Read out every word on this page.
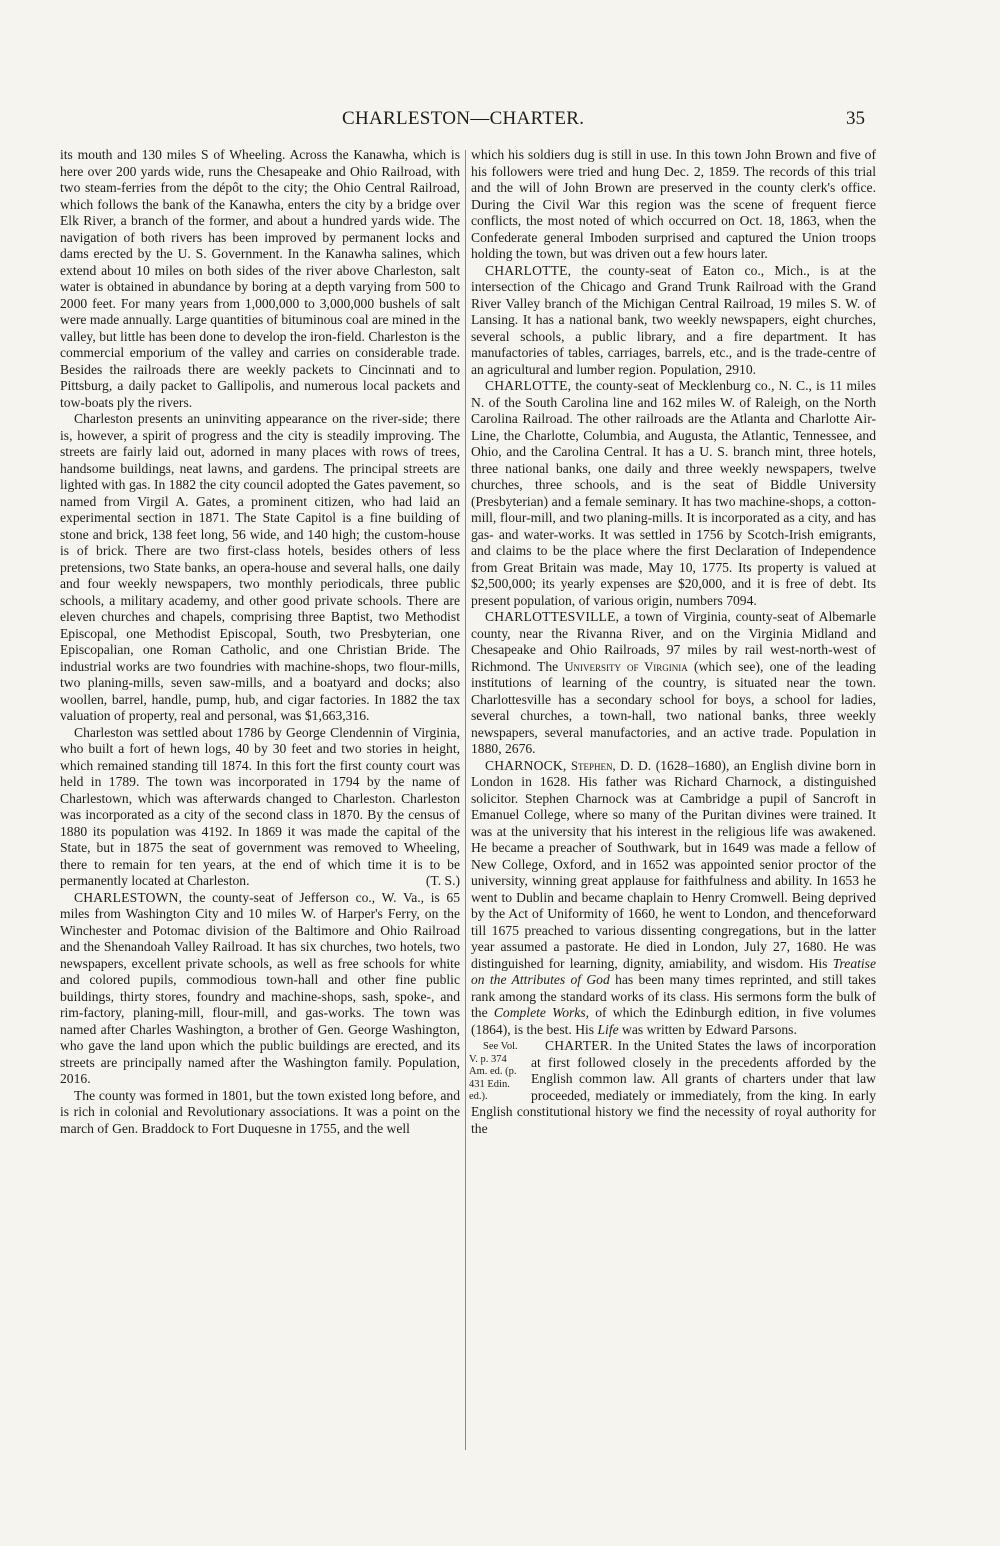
CHARLESTON—CHARTER.	35

its mouth and 130 miles S of Wheeling. Across the Kanawha, which is here over 200 yards wide, runs the Chesapeake and Ohio Railroad, with two steam-ferries from the dépôt to the city; the Ohio Central Railroad, which follows the bank of the Kanawha, enters the city by a bridge over Elk River, a branch of the former, and about a hundred yards wide. The navigation of both rivers has been improved by permanent locks and dams erected by the U. S. Government. In the Kanawha salines, which extend about 10 miles on both sides of the river above Charleston, salt water is obtained in abundance by boring at a depth varying from 500 to 2000 feet. For many years from 1,000,000 to 3,000,000 bushels of salt were made annually. Large quantities of bituminous coal are mined in the valley, but little has been done to develop the iron-field. Charleston is the commercial emporium of the valley and carries on considerable trade. Besides the railroads there are weekly packets to Cincinnati and to Pittsburg, a daily packet to Gallipolis, and numerous local packets and tow-boats ply the rivers.

Charleston presents an uninviting appearance on the river-side; there is, however, a spirit of progress and the city is steadily improving. The streets are fairly laid out, adorned in many places with rows of trees, handsome buildings, neat lawns, and gardens. The principal streets are lighted with gas. In 1882 the city council adopted the Gates pavement, so named from Virgil A. Gates, a prominent citizen, who had laid an experimental section in 1871. The State Capitol is a fine building of stone and brick, 138 feet long, 56 wide, and 140 high; the custom-house is of brick. There are two first-class hotels, besides others of less pretensions, two State banks, an opera-house and several halls, one daily and four weekly newspapers, two monthly periodicals, three public schools, a military academy, and other good private schools. There are eleven churches and chapels, comprising three Baptist, two Methodist Episcopal, one Methodist Episcopal, South, two Presbyterian, one Episcopalian, one Roman Catholic, and one Christian Bride. The industrial works are two foundries with machine-shops, two flour-mills, two planing-mills, seven saw-mills, and a boatyard and docks; also woollen, barrel, handle, pump, hub, and cigar factories. In 1882 the tax valuation of property, real and personal, was $1,663,316.

Charleston was settled about 1786 by George Clendennin of Virginia, who built a fort of hewn logs, 40 by 30 feet and two stories in height, which remained standing till 1874. In this fort the first county court was held in 1789. The town was incorporated in 1794 by the name of Charlestown, which was afterwards changed to Charleston. Charleston was incorporated as a city of the second class in 1870. By the census of 1880 its population was 4192. In 1869 it was made the capital of the State, but in 1875 the seat of government was removed to Wheeling, there to remain for ten years, at the end of which time it is to be permanently located at Charleston.	(T. S.)

CHARLESTOWN, the county-seat of Jefferson co., W. Va., is 65 miles from Washington City and 10 miles W. of Harper's Ferry, on the Winchester and Potomac division of the Baltimore and Ohio Railroad and the Shenandoah Valley Railroad. It has six churches, two hotels, two newspapers, excellent private schools, as well as free schools for white and colored pupils, commodious town-hall and other fine public buildings, thirty stores, foundry and machine-shops, sash, spoke-, and rim-factory, planing-mill, flour-mill, and gas-works. The town was named after Charles Washington, a brother of Gen. George Washington, who gave the land upon which the public buildings are erected, and its streets are principally named after the Washington family. Population, 2016.

The county was formed in 1801, but the town existed long before, and is rich in colonial and Revolutionary associations. It was a point on the march of Gen. Braddock to Fort Duquesne in 1755, and the well

which his soldiers dug is still in use. In this town John Brown and five of his followers were tried and hung Dec. 2, 1859. The records of this trial and the will of John Brown are preserved in the county clerk's office. During the Civil War this region was the scene of frequent fierce conflicts, the most noted of which occurred on Oct. 18, 1863, when the Confederate general Imboden surprised and captured the Union troops holding the town, but was driven out a few hours later.

CHARLOTTE, the county-seat of Eaton co., Mich., is at the intersection of the Chicago and Grand Trunk Railroad with the Grand River Valley branch of the Michigan Central Railroad, 19 miles S. W. of Lansing. It has a national bank, two weekly newspapers, eight churches, several schools, a public library, and a fire department. It has manufactories of tables, carriages, barrels, etc., and is the trade-centre of an agricultural and lumber region. Population, 2910.

CHARLOTTE, the county-seat of Mecklenburg co., N. C., is 11 miles N. of the South Carolina line and 162 miles W. of Raleigh, on the North Carolina Railroad. The other railroads are the Atlanta and Charlotte Air-Line, the Charlotte, Columbia, and Augusta, the Atlantic, Tennessee, and Ohio, and the Carolina Central. It has a U. S. branch mint, three hotels, three national banks, one daily and three weekly newspapers, twelve churches, three schools, and is the seat of Biddle University (Presbyterian) and a female seminary. It has two machine-shops, a cotton-mill, flour-mill, and two planing-mills. It is incorporated as a city, and has gas- and water-works. It was settled in 1756 by Scotch-Irish emigrants, and claims to be the place where the first Declaration of Independence from Great Britain was made, May 10, 1775. Its property is valued at $2,500,000; its yearly expenses are $20,000, and it is free of debt. Its present population, of various origin, numbers 7094.

CHARLOTTESVILLE, a town of Virginia, county-seat of Albemarle county, near the Rivanna River, and on the Virginia Midland and Chesapeake and Ohio Railroads, 97 miles by rail west-north-west of Richmond. The University of Virginia (which see), one of the leading institutions of learning of the country, is situated near the town. Charlottesville has a secondary school for boys, a school for ladies, several churches, a town-hall, two national banks, three weekly newspapers, several manufactories, and an active trade. Population in 1880, 2676.

CHARNOCK, Stephen, D. D. (1628–1680), an English divine born in London in 1628. His father was Richard Charnock, a distinguished solicitor. Stephen Charnock was at Cambridge a pupil of Sancroft in Emanuel College, where so many of the Puritan divines were trained. It was at the university that his interest in the religious life was awakened. He became a preacher of Southwark, but in 1649 was made a fellow of New College, Oxford, and in 1652 was appointed senior proctor of the university, winning great applause for faithfulness and ability. In 1653 he went to Dublin and became chaplain to Henry Cromwell. Being deprived by the Act of Uniformity of 1660, he went to London, and thenceforward till 1675 preached to various dissenting congregations, but in the latter year assumed a pastorate. He died in London, July 27, 1680. He was distinguished for learning, dignity, amiability, and wisdom. His Treatise on the Attributes of God has been many times reprinted, and still takes rank among the standard works of its class. His sermons form the bulk of the Complete Works, of which the Edinburgh edition, in five volumes (1864), is the best. His Life was written by Edward Parsons.

CHARTER.
See Vol. V. p. 374 Am. ed. (p. 431 Edin. ed.).
In the United States the laws of incorporation at first followed closely in the precedents afforded by the English common law. All grants of charters under that law proceeded, mediately or immediately, from the king. In early English constitutional history we find the necessity of royal authority for the
